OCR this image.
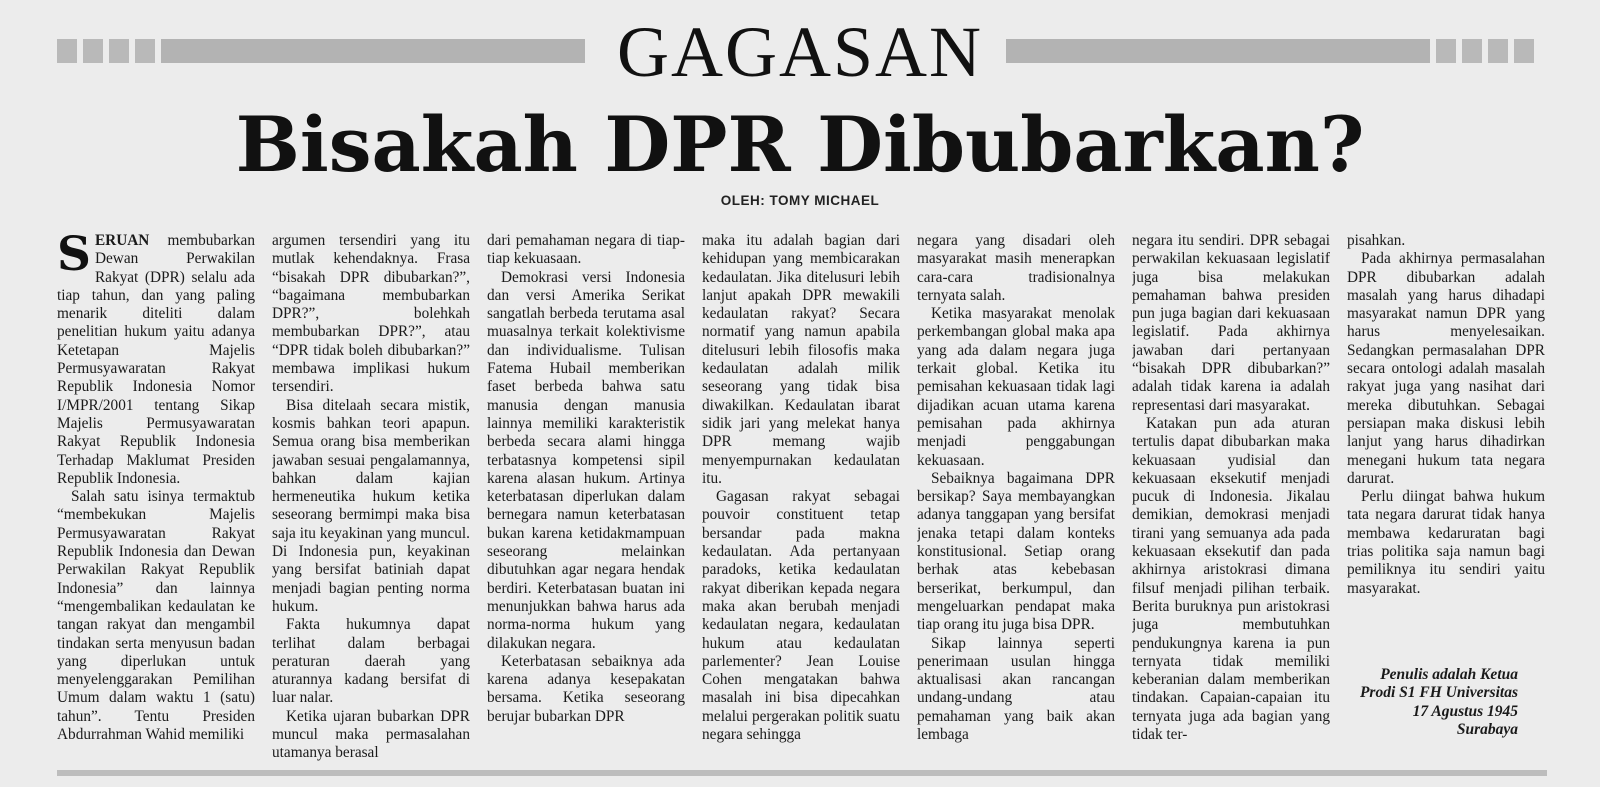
GAGASAN
Bisakah DPR Dibubarkan?
OLEH: TOMY MICHAEL

SERUAN membubarkan Dewan Perwakilan Rakyat (DPR) selalu ada tiap tahun, dan yang paling menarik diteliti dalam penelitian hukum yaitu adanya Ketetapan Majelis Permusyawaratan Rakyat Republik Indonesia Nomor I/MPR/2001 tentang Sikap Majelis Permusyawaratan Rakyat Republik Indonesia Terhadap Maklumat Presiden Republik Indonesia.

Salah satu isinya termaktub “membekukan Majelis Permusyawaratan Rakyat Republik Indonesia dan Dewan Perwakilan Rakyat Republik Indonesia” dan lainnya “mengembalikan kedaulatan ke tangan rakyat dan mengambil tindakan serta menyusun badan yang diperlukan untuk menyelenggarakan Pemilihan Umum dalam waktu 1 (satu) tahun”. Tentu Presiden Abdurrahman Wahid memiliki

argumen tersendiri yang itu mutlak kehendaknya. Frasa “bisakah DPR dibubarkan?”, “bagaimana membubarkan DPR?”, bolehkah membubarkan DPR?”, atau “DPR tidak boleh dibubarkan?” membawa implikasi hukum tersendiri.

Bisa ditelaah secara mistik, kosmis bahkan teori apapun. Semua orang bisa memberikan jawaban sesuai pengalamannya, bahkan dalam kajian hermeneutika hukum ketika seseorang bermimpi maka bisa saja itu keyakinan yang muncul. Di Indonesia pun, keyakinan yang bersifat batiniah dapat menjadi bagian penting norma hukum.

Fakta hukumnya dapat terlihat dalam berbagai peraturan daerah yang aturannya kadang bersifat di luar nalar.

Ketika ujaran bubarkan DPR muncul maka permasalahan utamanya berasal

dari pemahaman negara di tiap-tiap kekuasaan.

Demokrasi versi Indonesia dan versi Amerika Serikat sangatlah berbeda terutama asal muasalnya terkait kolektivisme dan individualisme. Tulisan Fatema Hubail memberikan faset berbeda bahwa satu manusia dengan manusia lainnya memiliki karakteristik berbeda secara alami hingga terbatasnya kompetensi sipil karena alasan hukum. Artinya keterbatasan diperlukan dalam bernegara namun keterbatasan bukan karena ketidakmampuan seseorang melainkan dibutuhkan agar negara hendak berdiri. Keterbatasan buatan ini menunjukkan bahwa harus ada norma-norma hukum yang dilakukan negara.

Keterbatasan sebaiknya ada karena adanya kesepakatan bersama. Ketika seseorang berujar bubarkan DPR

maka itu adalah bagian dari kehidupan yang membicarakan kedaulatan. Jika ditelusuri lebih lanjut apakah DPR mewakili kedaulatan rakyat? Secara normatif yang namun apabila ditelusuri lebih filosofis maka kedaulatan adalah milik seseorang yang tidak bisa diwakilkan. Kedaulatan ibarat sidik jari yang melekat hanya DPR memang wajib menyempurnakan kedaulatan itu.

Gagasan rakyat sebagai pouvoir constituent tetap bersandar pada makna kedaulatan. Ada pertanyaan paradoks, ketika kedaulatan rakyat diberikan kepada negara maka akan berubah menjadi kedaulatan negara, kedaulatan hukum atau kedaulatan parlementer? Jean Louise Cohen mengatakan bahwa masalah ini bisa dipecahkan melalui pergerakan politik suatu negara sehingga

negara yang disadari oleh masyarakat masih menerapkan cara-cara tradisionalnya ternyata salah.

Ketika masyarakat menolak perkembangan global maka apa yang ada dalam negara juga terkait global. Ketika itu pemisahan kekuasaan tidak lagi dijadikan acuan utama karena pemisahan pada akhirnya menjadi penggabungan kekuasaan.

Sebaiknya bagaimana DPR bersikap? Saya membayangkan adanya tanggapan yang bersifat jenaka tetapi dalam konteks konstitusional. Setiap orang berhak atas kebebasan berserikat, berkumpul, dan mengeluarkan pendapat maka tiap orang itu juga bisa DPR.

Sikap lainnya seperti penerimaan usulan hingga aktualisasi akan rancangan undang-undang atau pemahaman yang baik akan lembaga

negara itu sendiri. DPR sebagai perwakilan kekuasaan legislatif juga bisa melakukan pemahaman bahwa presiden pun juga bagian dari kekuasaan legislatif. Pada akhirnya jawaban dari pertanyaan “bisakah DPR dibubarkan?” adalah tidak karena ia adalah representasi dari masyarakat.

Katakan pun ada aturan tertulis dapat dibubarkan maka kekuasaan yudisial dan kekuasaan eksekutif menjadi pucuk di Indonesia. Jikalau demikian, demokrasi menjadi tirani yang semuanya ada pada kekuasaan eksekutif dan pada akhirnya aristokrasi dimana filsuf menjadi pilihan terbaik. Berita buruknya pun aristokrasi juga membutuhkan pendukungnya karena ia pun ternyata tidak memiliki keberanian dalam memberikan tindakan. Capaian-capaian itu ternyata juga ada bagian yang tidak ter-

pisahkan.

Pada akhirnya permasalahan DPR dibubarkan adalah masalah yang harus dihadapi masyarakat namun DPR yang harus menyelesaikan. Sedangkan permasalahan DPR secara ontologi adalah masalah rakyat juga yang nasihat dari mereka dibutuhkan. Sebagai persiapan maka diskusi lebih lanjut yang harus dihadirkan menegani hukum tata negara darurat.

Perlu diingat bahwa hukum tata negara darurat tidak hanya membawa kedaruratan bagi trias politika saja namun bagi pemiliknya itu sendiri yaitu masyarakat.

Penulis adalah Ketua
Prodi S1 FH Universitas
17 Agustus 1945
Surabaya
